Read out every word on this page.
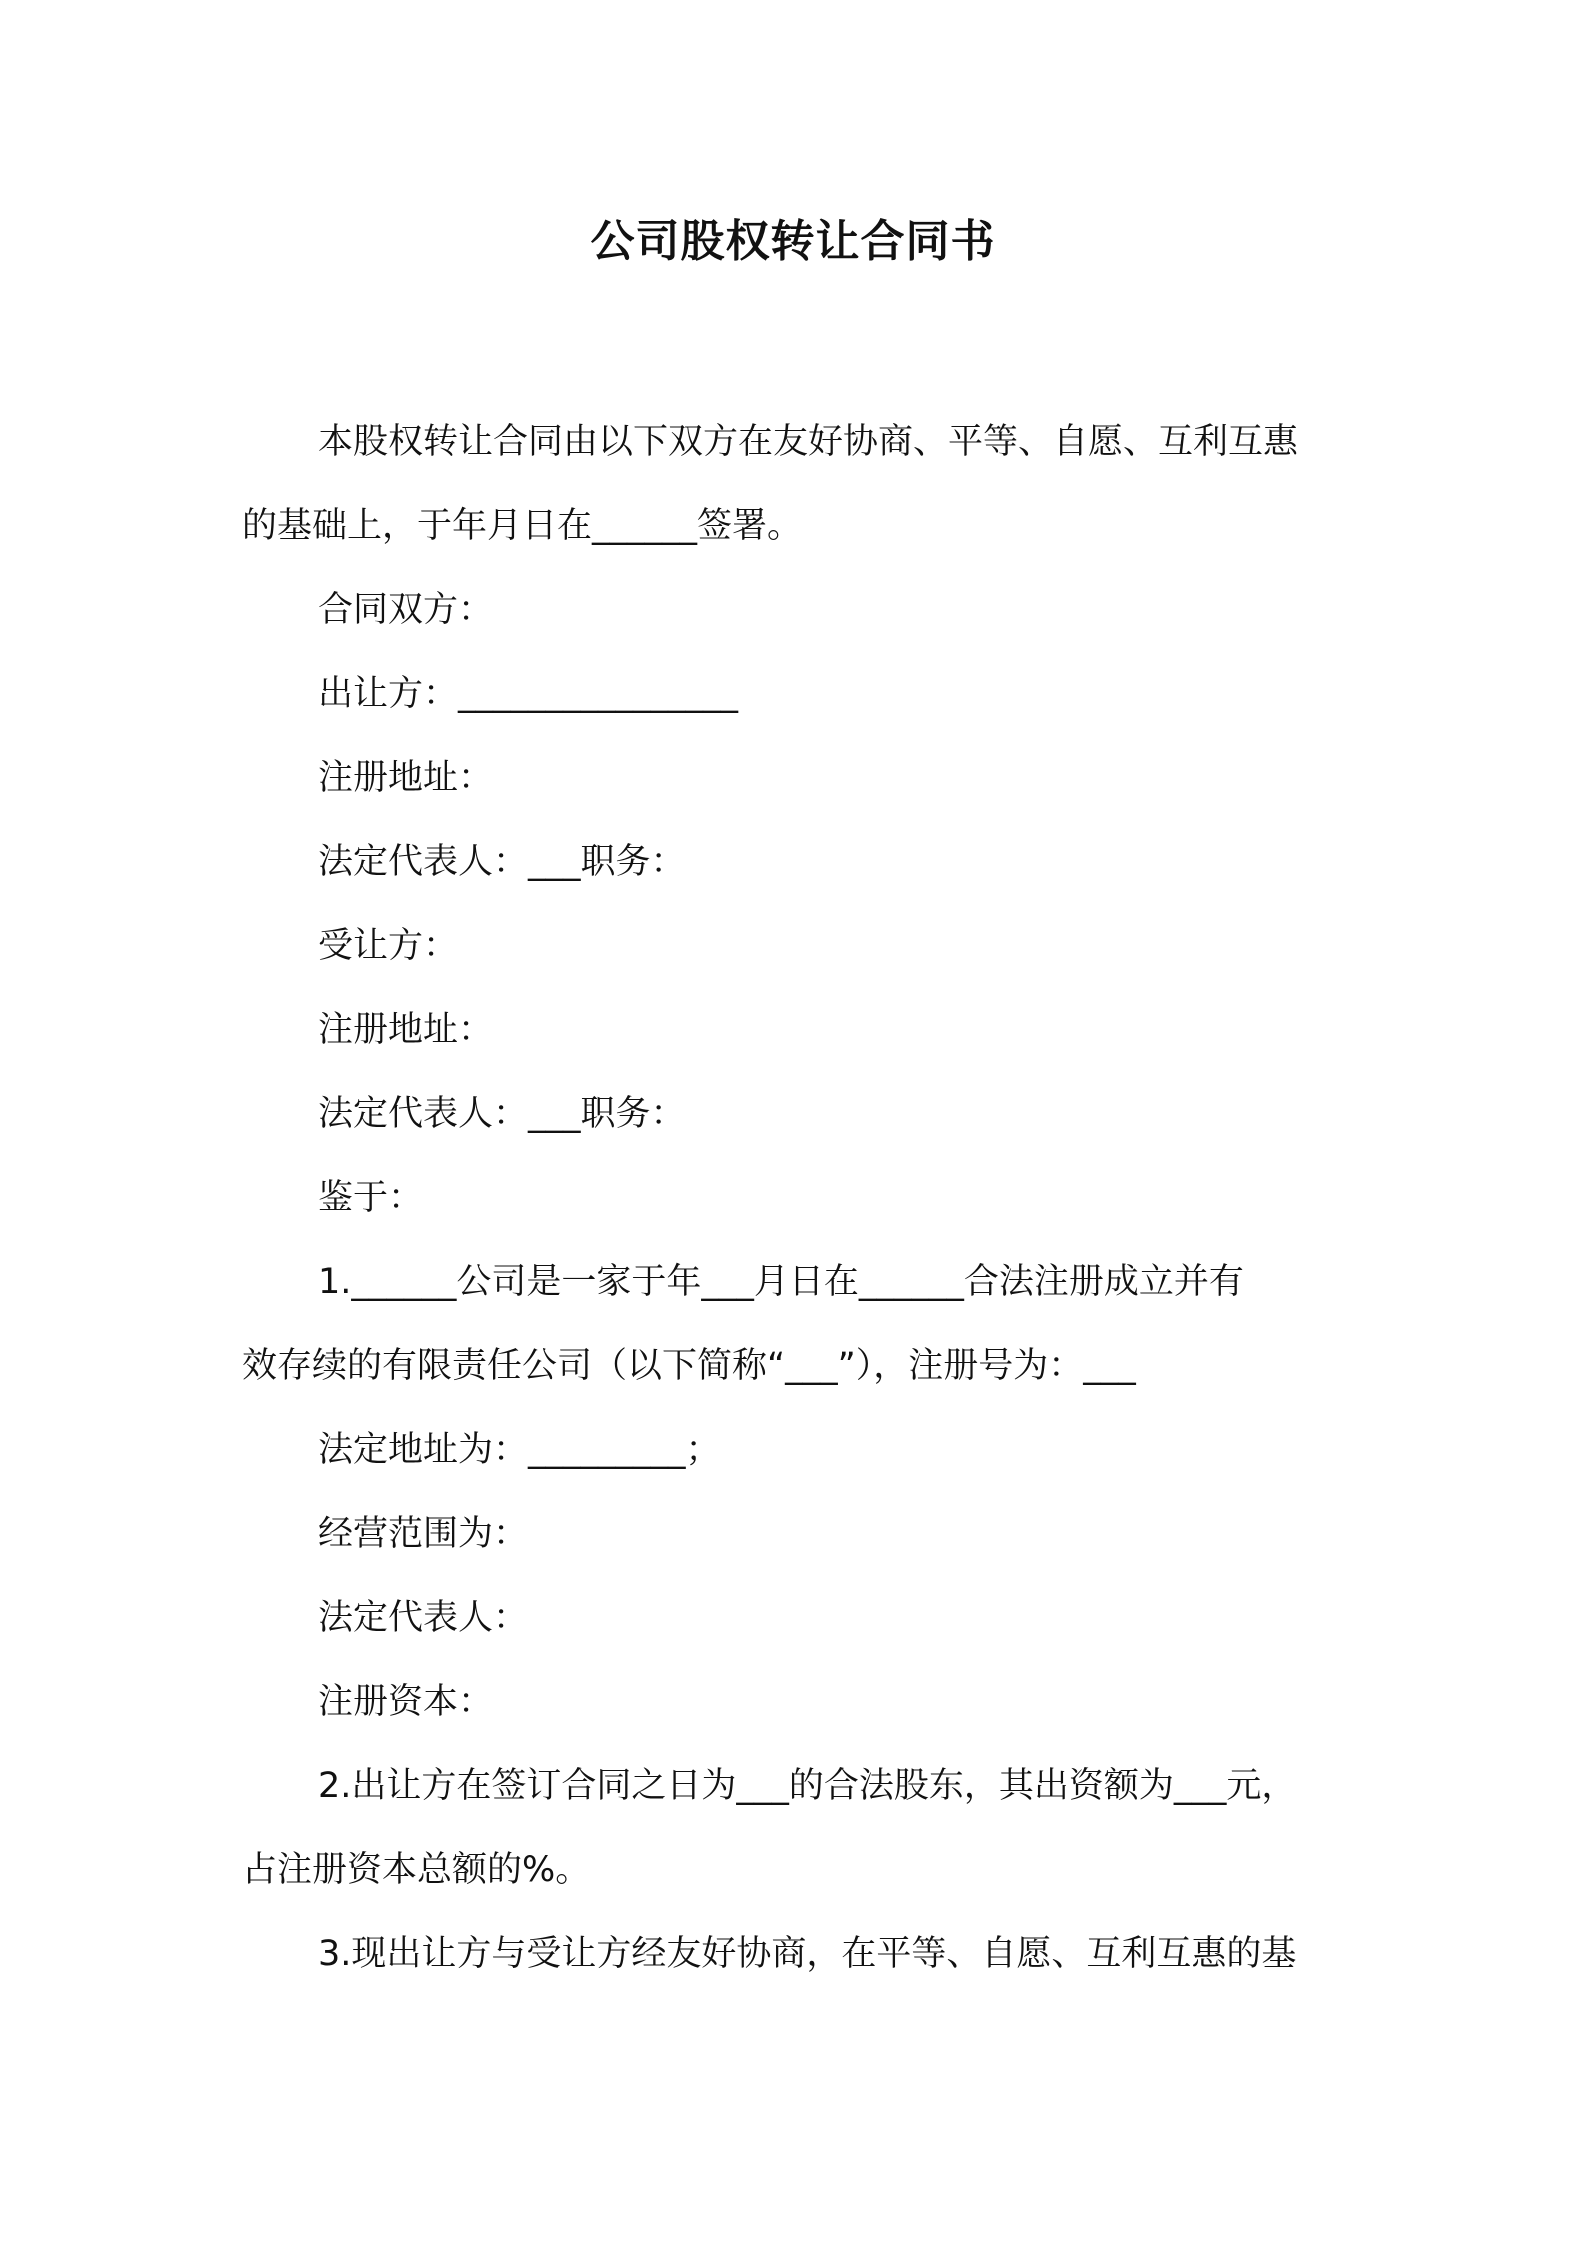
公司股权转让合同书

本股权转让合同由以下双方在友好协商、平等、自愿、互利互惠

的基础上，于年月日在______签署。

合同双方：

出让方：________________

注册地址：

法定代表人：___职务：

受让方：

注册地址：

法定代表人：___职务：

鉴于：

1.______公司是一家于年___月日在______合法注册成立并有

效存续的有限责任公司（以下简称“___”），注册号为：___

法定地址为：_________；

经营范围为：

法定代表人：

注册资本：

2.出让方在签订合同之日为___的合法股东，其出资额为___元，

占注册资本总额的%。

3.现出让方与受让方经友好协商，在平等、自愿、互利互惠的基
